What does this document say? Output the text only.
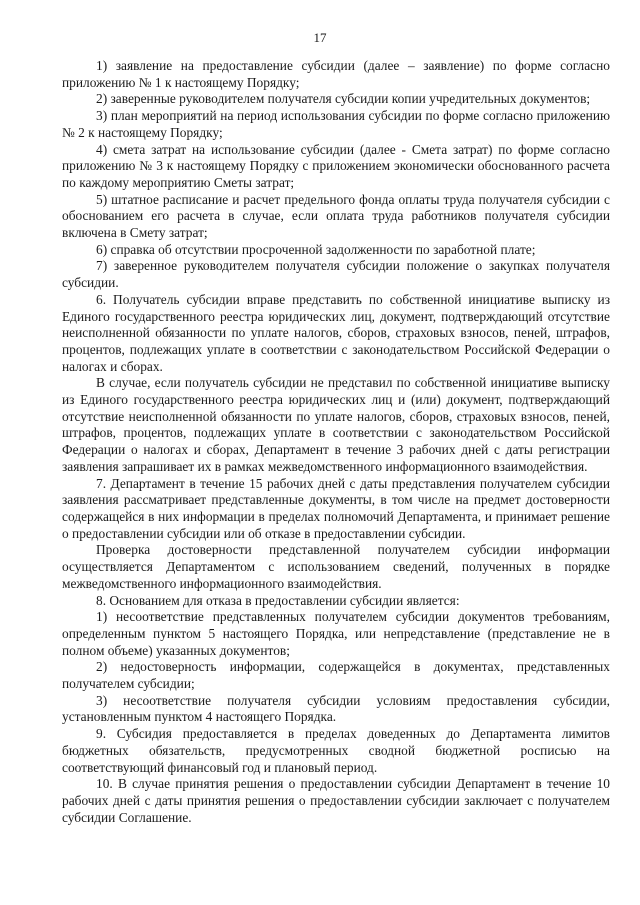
17

1) заявление на предоставление субсидии (далее – заявление) по форме согласно приложению № 1 к настоящему Порядку;

2) заверенные руководителем получателя субсидии копии учредительных документов;

3) план мероприятий на период использования субсидии по форме согласно приложению № 2 к настоящему Порядку;

4) смета затрат на использование субсидии (далее - Смета затрат) по форме согласно приложению № 3 к настоящему Порядку с приложением экономически обоснованного расчета по каждому мероприятию Сметы затрат;

5) штатное расписание и расчет предельного фонда оплаты труда получателя субсидии с обоснованием его расчета в случае, если оплата труда работников получателя субсидии включена в Смету затрат;

6) справка об отсутствии просроченной задолженности по заработной плате;

7) заверенное руководителем получателя субсидии положение о закупках получателя субсидии.

6. Получатель субсидии вправе представить по собственной инициативе выписку из Единого государственного реестра юридических лиц, документ, подтверждающий отсутствие неисполненной обязанности по уплате налогов, сборов, страховых взносов, пеней, штрафов, процентов, подлежащих уплате в соответствии с законодательством Российской Федерации о налогах и сборах.

В случае, если получатель субсидии не представил по собственной инициативе выписку из Единого государственного реестра юридических лиц и (или) документ, подтверждающий отсутствие неисполненной обязанности по уплате налогов, сборов, страховых взносов, пеней, штрафов, процентов, подлежащих уплате в соответствии с законодательством Российской Федерации о налогах и сборах, Департамент в течение 3 рабочих дней с даты регистрации заявления запрашивает их в рамках межведомственного информационного взаимодействия.

7. Департамент в течение 15 рабочих дней с даты представления получателем субсидии заявления рассматривает представленные документы, в том числе на предмет достоверности содержащейся в них информации в пределах полномочий Департамента, и принимает решение о предоставлении субсидии или об отказе в предоставлении субсидии.

Проверка достоверности представленной получателем субсидии информации осуществляется Департаментом с использованием сведений, полученных в порядке межведомственного информационного взаимодействия.

8. Основанием для отказа в предоставлении субсидии является:

1) несоответствие представленных получателем субсидии документов требованиям, определенным пунктом 5 настоящего Порядка, или непредставление (представление не в полном объеме) указанных документов;

2) недостоверность информации, содержащейся в документах, представленных получателем субсидии;

3) несоответствие получателя субсидии условиям предоставления субсидии, установленным пунктом 4 настоящего Порядка.

9. Субсидия предоставляется в пределах доведенных до Департамента лимитов бюджетных обязательств, предусмотренных сводной бюджетной росписью на соответствующий финансовый год и плановый период.

10. В случае принятия решения о предоставлении субсидии Департамент в течение 10 рабочих дней с даты принятия решения о предоставлении субсидии заключает с получателем субсидии Соглашение.
